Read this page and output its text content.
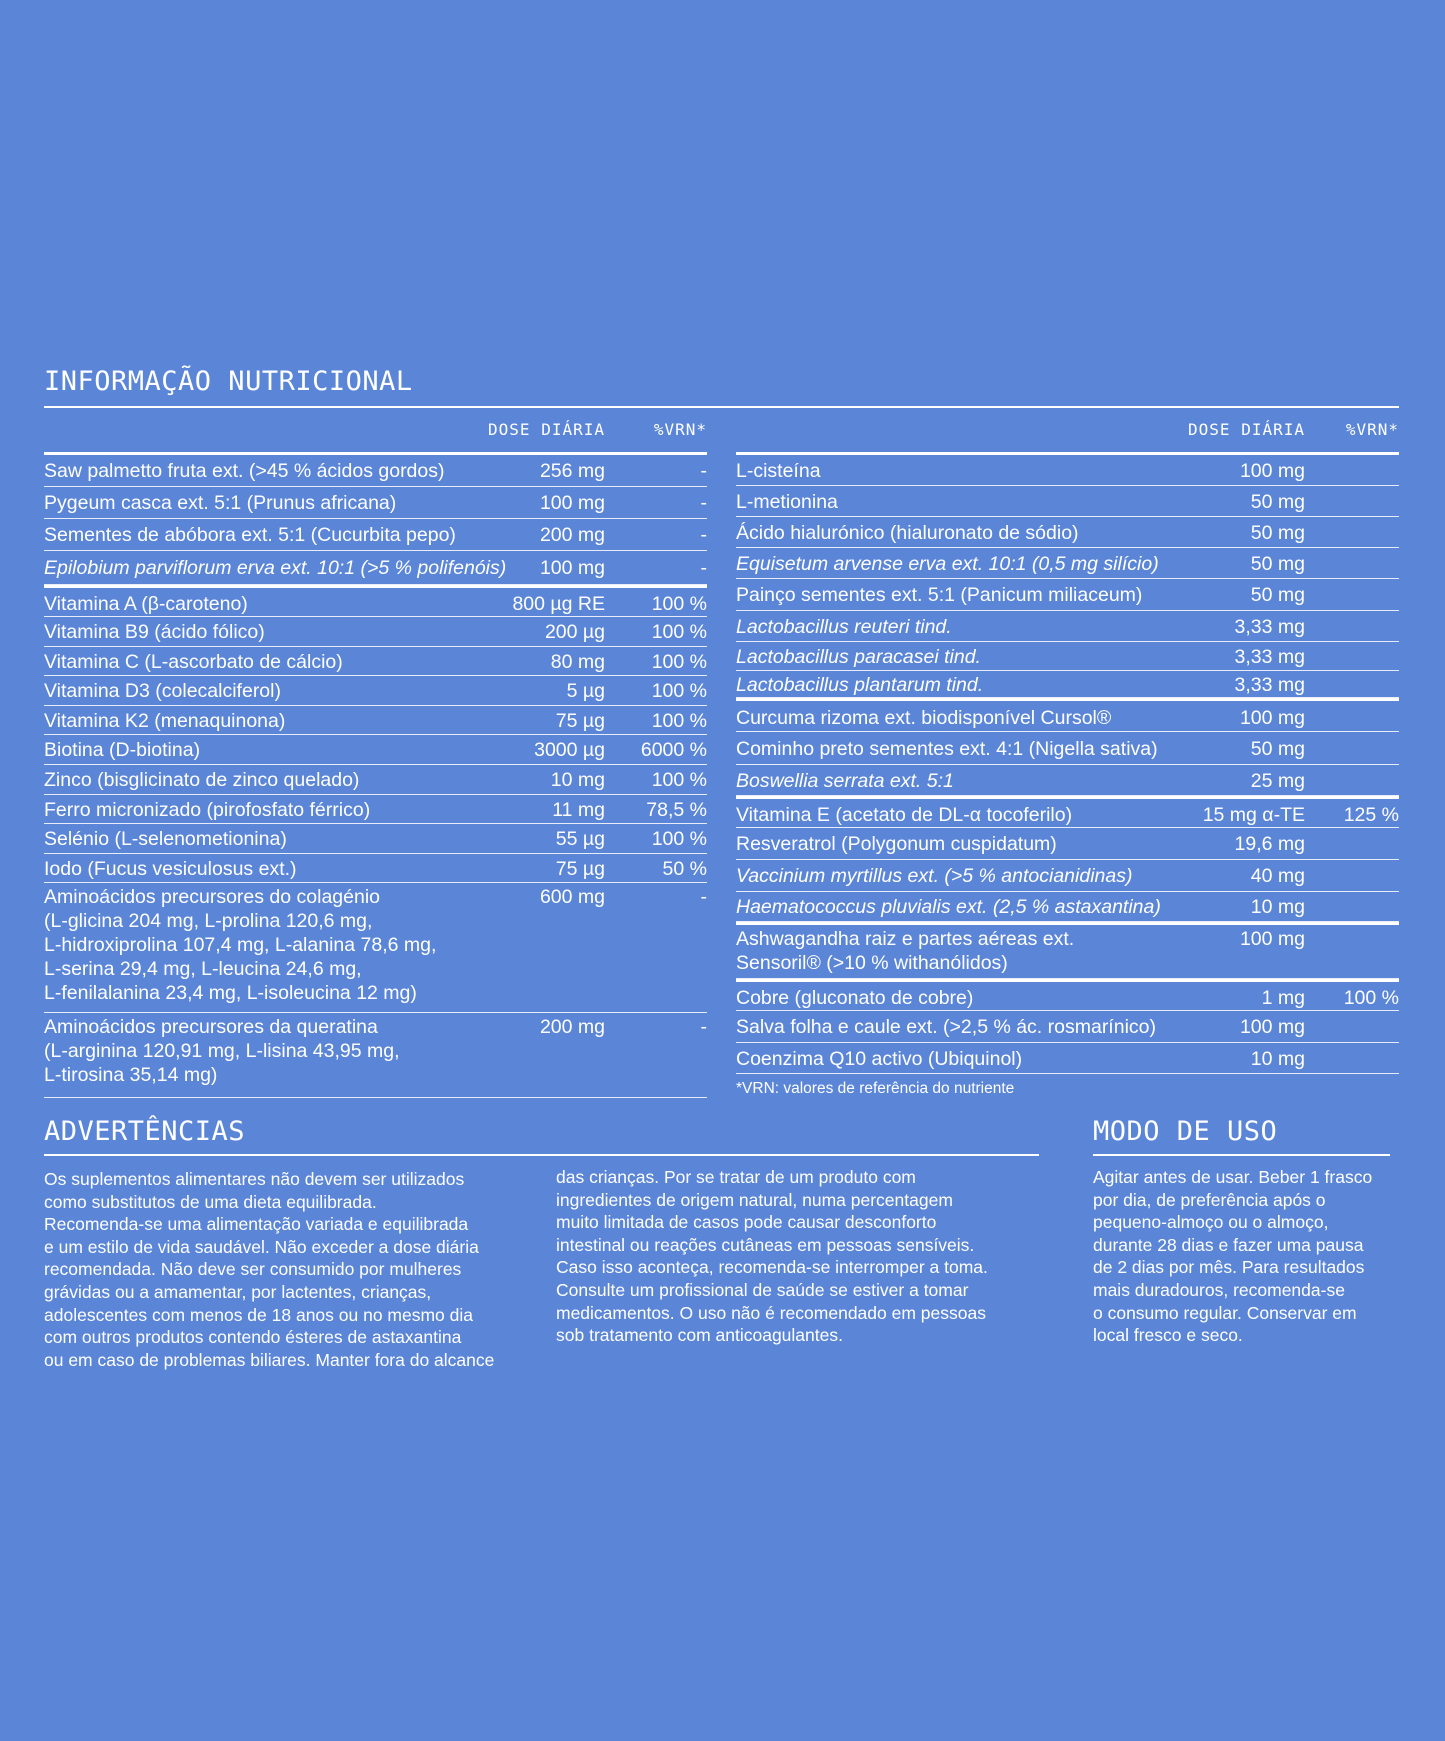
INFORMAÇÃO NUTRICIONAL
DOSE DIÁRIA	%VRN*
Saw palmetto fruta ext. (>45 % ácidos gordos)	256 mg	-
Pygeum casca ext. 5:1 (Prunus africana)	100 mg	-
Sementes de abóbora ext. 5:1 (Cucurbita pepo)	200 mg	-
Epilobium parviflorum erva ext. 10:1 (>5 % polifenóis) 100 mg	-
Vitamina A (β-caroteno)	800 µg RE 100 %
Vitamina B9 (ácido fólico)	200 µg 100 %
Vitamina C (L-ascorbato de cálcio)	80 mg 100 %
Vitamina D3 (colecalciferol)	5 µg 100 %
Vitamina K2 (menaquinona)	75 µg 100 %
Biotina (D-biotina)	3000 µg 6000 %
Zinco (bisglicinato de zinco quelado)	10 mg 100 %
Ferro micronizado (pirofosfato férrico)	11 mg 78,5 %
Selénio (L-selenometionina)	55 µg 100 %
Iodo (Fucus vesiculosus ext.)	75 µg	50 %
Aminoácidos precursores do colagénio
(L-glicina 204 mg, L-prolina 120,6 mg,
L-hidroxiprolina 107,4 mg, L-alanina 78,6 mg,
L-serina 29,4 mg, L-leucina 24,6 mg,
L-fenilalanina 23,4 mg, L-isoleucina 12 mg)
600 mg	-
Aminoácidos precursores da queratina
(L-arginina 120,91 mg, L-lisina 43,95 mg,
L-tirosina 35,14 mg)
200 mg	-
DOSE DIÁRIA	%VRN*
L-cisteína	100 mg
L-metionina	50 mg
Ácido hialurónico (hialuronato de sódio)	50 mg
Equisetum arvense erva ext. 10:1 (0,5 mg silício)	50 mg
Painço sementes ext. 5:1 (Panicum miliaceum)	50 mg
Lactobacillus reuteri tind.	3,33 mg
Lactobacillus paracasei tind.	3,33 mg
Lactobacillus plantarum tind.	3,33 mg
Curcuma rizoma ext. biodisponível Cursol®	100 mg
Cominho preto sementes ext. 4:1 (Nigella sativa)	50 mg
Boswellia serrata ext. 5:1	25 mg
Vitamina E (acetato de DL-α tocoferilo)	15 mg α-TE 125 %
Resveratrol (Polygonum cuspidatum)	19,6 mg
Vaccinium myrtillus ext. (>5 % antocianidinas)	40 mg
Haematococcus pluvialis ext. (2,5 % astaxantina)	10 mg
Ashwagandha raiz e partes aéreas ext.
Sensoril® (>10 % withanólidos)
100 mg
Cobre (gluconato de cobre)	1 mg 100 %
Salva folha e caule ext. (>2,5 % ác. rosmarínico)	100 mg
Coenzima Q10 activo (Ubiquinol)	10 mg
*VRN: valores de referência do nutriente
ADVERTÊNCIAS
Os suplementos alimentares não devem ser utilizados
como substitutos de uma dieta equilibrada.
Recomenda-se uma alimentação variada e equilibrada
e um estilo de vida saudável. Não exceder a dose diária
recomendada. Não deve ser consumido por mulheres
grávidas ou a amamentar, por lactentes, crianças,
adolescentes com menos de 18 anos ou no mesmo dia
com outros produtos contendo ésteres de astaxantina
ou em caso de problemas biliares. Manter fora do alcance
das crianças. Por se tratar de um produto com
ingredientes de origem natural, numa percentagem
muito limitada de casos pode causar desconforto
intestinal ou reações cutâneas em pessoas sensíveis.
Caso isso aconteça, recomenda-se interromper a toma.
Consulte um profissional de saúde se estiver a tomar
medicamentos. O uso não é recomendado em pessoas
sob tratamento com anticoagulantes.
MODO DE USO
Agitar antes de usar. Beber 1 frasco
por dia, de preferência após o
pequeno-almoço ou o almoço,
durante 28 dias e fazer uma pausa
de 2 dias por mês. Para resultados
mais duradouros, recomenda-se
o consumo regular. Conservar em
local fresco e seco.
